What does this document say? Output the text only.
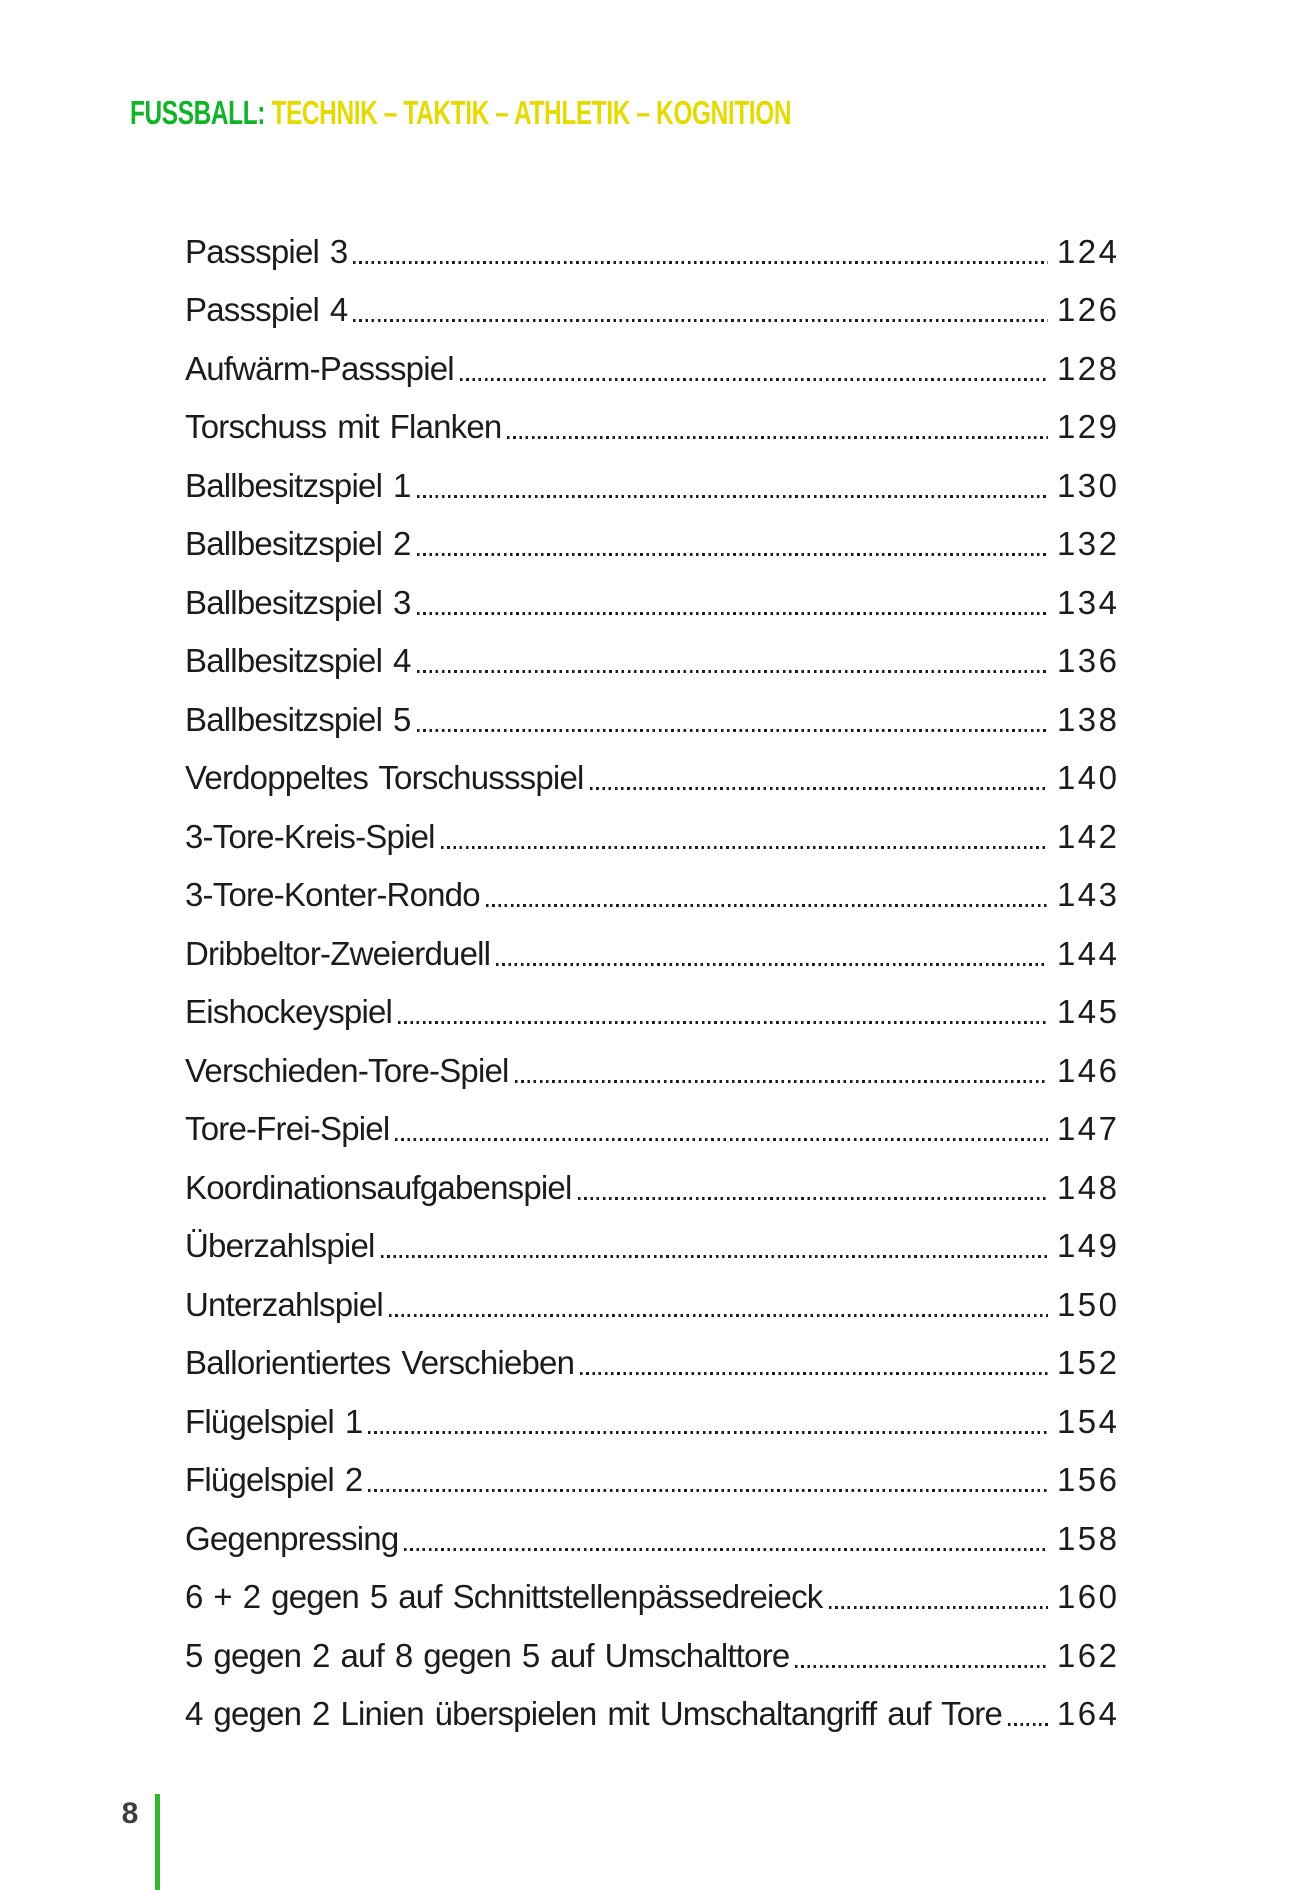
FUSSBALL: TECHNIK – TAKTIK – ATHLETIK – KOGNITION
Passspiel 3	124
Passspiel 4	126
Aufwärm-Passspiel	128
Torschuss mit Flanken	129
Ballbesitzspiel 1	130
Ballbesitzspiel 2	132
Ballbesitzspiel 3	134
Ballbesitzspiel 4	136
Ballbesitzspiel 5	138
Verdoppeltes Torschussspiel	140
3-Tore-Kreis-Spiel	142
3-Tore-Konter-Rondo	143
Dribbeltor-Zweierduell	144
Eishockeyspiel	145
Verschieden-Tore-Spiel	146
Tore-Frei-Spiel	147
Koordinationsaufgabenspiel	148
Überzahlspiel	149
Unterzahlspiel	150
Ballorientiertes Verschieben	152
Flügelspiel 1	154
Flügelspiel 2	156
Gegenpressing	158
6 + 2 gegen 5 auf Schnittstellenpässedreieck	160
5 gegen 2 auf 8 gegen 5 auf Umschalttore	162
4 gegen 2 Linien überspielen mit Umschaltangriff auf Tore 164
8
